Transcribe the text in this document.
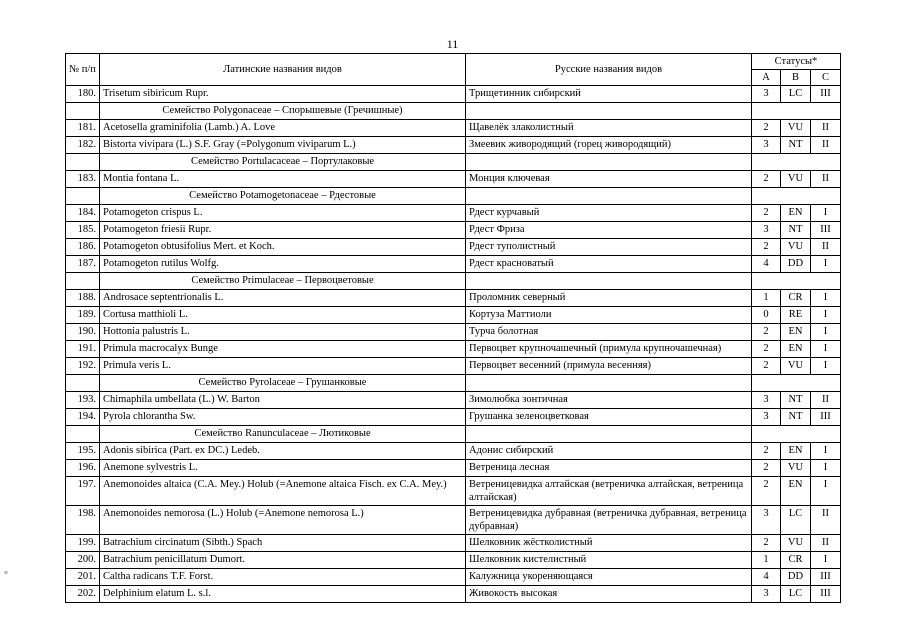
11
≡
№ п/п	Латинские названия видов	Русские названия видов	Статусы*		
			А	В	С
180.	Trisetum sibiricum Rupr.	Трищетинник сибирский	3	LC	III
	Семейство Polygonaceae – Спорышевые (Гречишные)				
181.	Acetosella graminifolia (Lamb.) A. Love	Щавелёк злаколистный	2	VU	II
182.	Bistorta vivipara (L.) S.F. Gray (=Polygonum viviparum L.)	Змеевик живородящий (горец живородящий)	3	NT	II
	Семейство Portulacaceae – Портулаковые				
183.	Montia fontana L.	Монция ключевая	2	VU	II
	Семейство Potamogetonaceae – Рдестовые				
184.	Potamogeton crispus L.	Рдест курчавый	2	EN	I
185.	Potamogeton friesii Rupr.	Рдест Фриза	3	NT	III
186.	Potamogeton obtusifolius Mert. et Koch.	Рдест туполистный	2	VU	II
187.	Potamogeton rutilus Wolfg.	Рдест красноватый	4	DD	I
	Семейство Primulaceae – Первоцветовые				
188.	Androsace septentrionalis L.	Проломник северный	1	CR	I
189.	Cortusa matthioli L.	Кортуза Маттиоли	0	RE	I
190.	Hottonia palustris L.	Турча болотная	2	EN	I
191.	Primula macrocalyx Bunge	Первоцвет крупночашечный (примула крупночашечная)	2	EN	I
192.	Primula veris L.	Первоцвет весенний (примула весенняя)	2	VU	I
	Семейство Pyrolaceae – Грушанковые				
193.	Chimaphila umbellata (L.) W. Barton	Зимолюбка зонтичная	3	NT	II
194.	Pyrola chlorantha Sw.	Грушанка зеленоцветковая	3	NT	III
	Семейство Ranunculaceae – Лютиковые				
195.	Adonis sibirica (Part. ex DC.) Ledeb.	Адонис сибирский	2	EN	I
196.	Anemone sylvestris L.	Ветреница лесная	2	VU	I
197.	Anemonoides altaica (C.A. Mey.) Holub (=Anemone altaica Fisch. ex C.A. Mey.)	Ветреницевидка алтайская (ветреничка алтайская, ветреница алтайская)	2	EN	I
198.	Anemonoides nemorosa (L.) Holub (=Anemone nemorosa L.)	Ветреницевидка дубравная (ветреничка дубравная, ветреница дубравная)	3	LC	II
199.	Batrachium circinatum (Sibth.) Spach	Шелковник жёстколистный	2	VU	II
200.	Batrachium penicillatum Dumort.	Шелковник кистелистный	1	CR	I
201.	Caltha radicans T.F. Forst.	Калужница укореняющаяся	4	DD	III
202.	Delphinium elatum L. s.l.	Живокость высокая	3	LC	III
